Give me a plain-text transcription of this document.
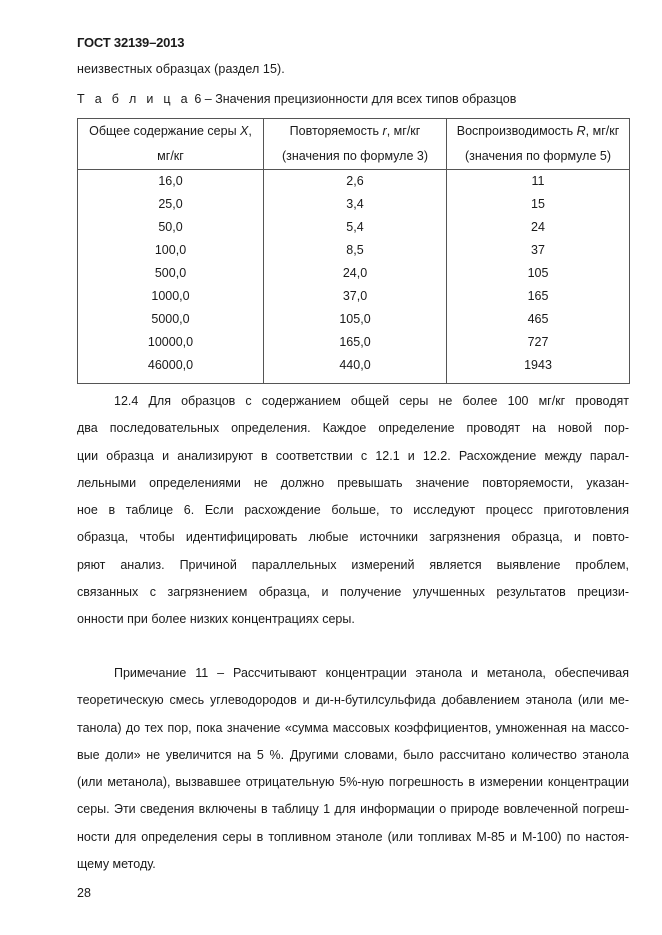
ГОСТ 32139–2013
неизвестных образцах (раздел 15).
Т а б л и ц а 6 – Значения прецизионности для всех типов образцов
Общее содержание серы X,	Повторяемость r, мг/кг	Воспроизводимость R, мг/кг
мг/кг	(значения по формуле 3)	(значения по формуле 5)
16,0	2,6	11
25,0	3,4	15
50,0	5,4	24
100,0	8,5	37
500,0	24,0	105
1000,0	37,0	165
5000,0	105,0	465
10000,0	165,0	727
46000,0	440,0	1943
12.4 Для образцов с содержанием общей серы не более 100 мг/кг проводят
два последовательных определения. Каждое определение проводят на новой пор-
ции образца и анализируют в соответствии с 12.1 и 12.2. Расхождение между парал-
лельными определениями не должно превышать значение повторяемости, указан-
ное в таблице 6. Если расхождение больше, то исследуют процесс приготовления
образца, чтобы идентифицировать любые источники загрязнения образца, и повто-
ряют анализ. Причиной параллельных измерений является выявление проблем,
связанных с загрязнением образца, и получение улучшенных результатов прецизи-
онности при более низких концентрациях серы.
Примечание 11 – Рассчитывают концентрации этанола и метанола, обеспечивая
теоретическую смесь углеводородов и ди-н-бутилсульфида добавлением этанола (или ме-
танола) до тех пор, пока значение «сумма массовых коэффициентов, умноженная на массо-
вые доли» не увеличится на 5 %. Другими словами, было рассчитано количество этанола
(или метанола), вызвавшее отрицательную 5%-ную погрешность в измерении концентрации
серы. Эти сведения включены в таблицу 1 для информации о природе вовлеченной погреш-
ности для определения серы в топливном этаноле (или топливах М-85 и М-100) по настоя-
щему методу.
28
